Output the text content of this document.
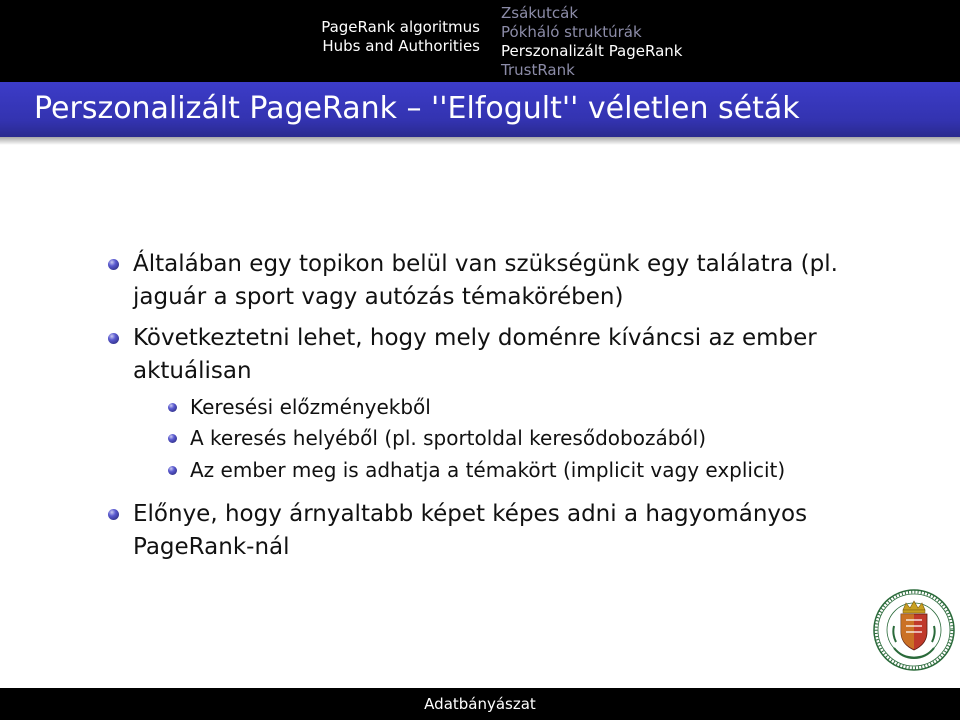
PageRank algoritmus
Hubs and Authorities
Zsákutcák
Pókháló struktúrák
Perszonalizált PageRank
TrustRank
Perszonalizált PageRank – ''Elfogult'' véletlen séták
Általában egy topikon belül van szükségünk egy találatra (pl. jaguár a sport vagy autózás témakörében)
Következtetni lehet, hogy mely doménre kíváncsi az ember aktuálisan
Keresési előzményekből
A keresés helyéből (pl. sportoldal keresődobozából)
Az ember meg is adhatja a témakört (implicit vagy explicit)
Előnye, hogy árnyaltabb képet képes adni a hagyományos PageRank-nál
Adatbányászat
